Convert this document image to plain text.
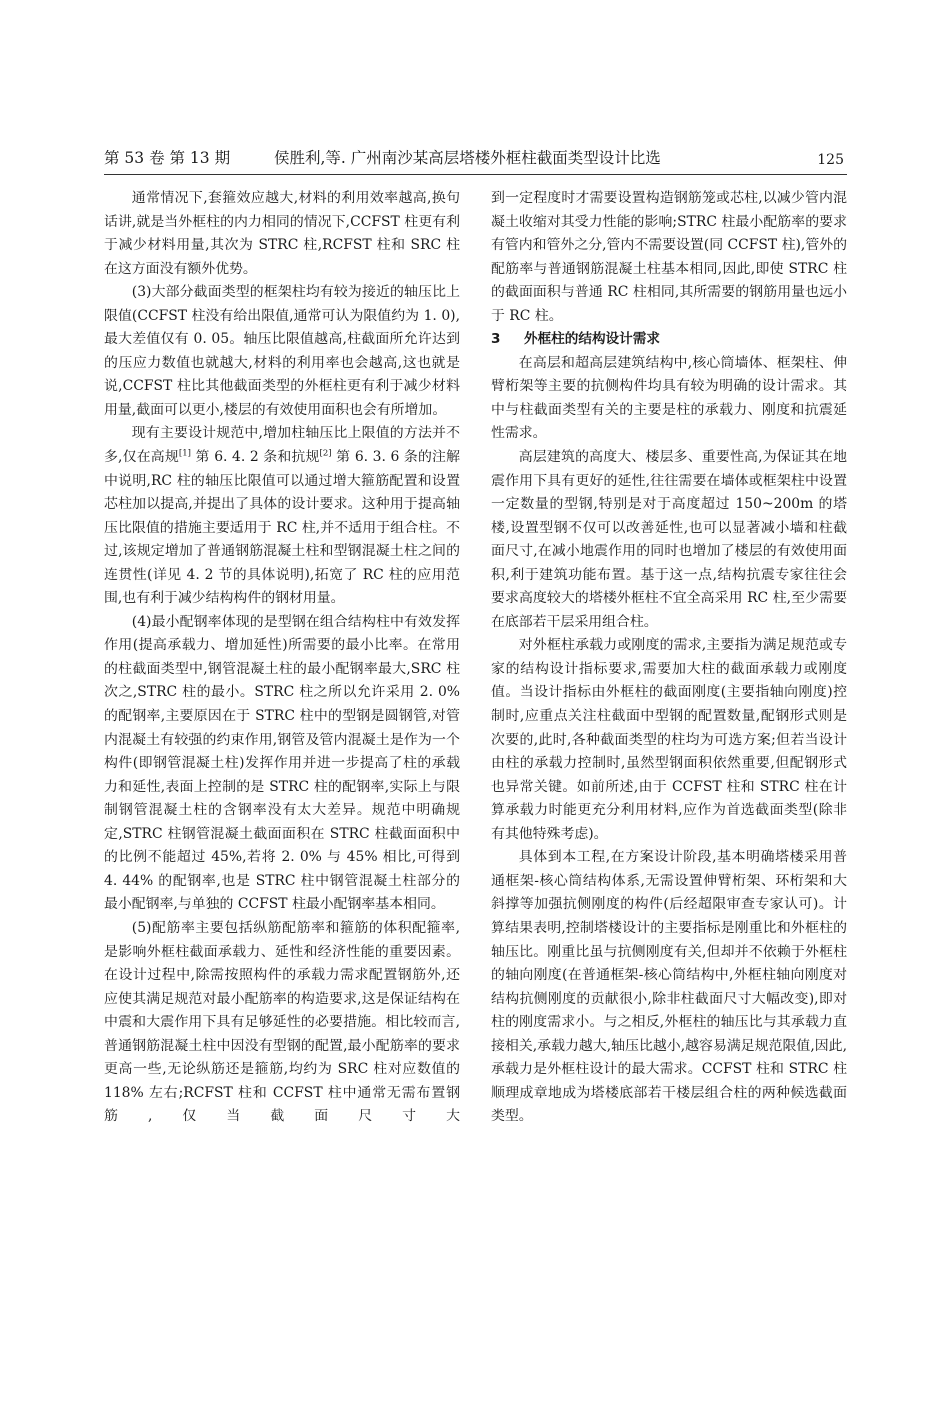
第 53 卷 第 13 期	侯胜利,等. 广州南沙某高层塔楼外框柱截面类型设计比选	125

通常情况下,套箍效应越大,材料的利用效率越高,换句话讲,就是当外框柱的内力相同的情况下,CCFST 柱更有利于减少材料用量,其次为 STRC 柱,RCFST 柱和 SRC 柱在这方面没有额外优势。

(3)大部分截面类型的框架柱均有较为接近的轴压比上限值(CCFST 柱没有给出限值,通常可认为限值约为 1. 0),最大差值仅有 0. 05。轴压比限值越高,柱截面所允许达到的压应力数值也就越大,材料的利用率也会越高,这也就是说,CCFST 柱比其他截面类型的外框柱更有利于减少材料用量,截面可以更小,楼层的有效使用面积也会有所增加。

现有主要设计规范中,增加柱轴压比上限值的方法并不多,仅在高规[1] 第 6. 4. 2 条和抗规[2] 第 6. 3. 6 条的注解中说明,RC 柱的轴压比限值可以通过增大箍筋配置和设置芯柱加以提高,并提出了具体的设计要求。这种用于提高轴压比限值的措施主要适用于 RC 柱,并不适用于组合柱。不过,该规定增加了普通钢筋混凝土柱和型钢混凝土柱之间的连贯性(详见 4. 2 节的具体说明),拓宽了 RC 柱的应用范围,也有利于减少结构构件的钢材用量。

(4)最小配钢率体现的是型钢在组合结构柱中有效发挥作用(提高承载力、增加延性)所需要的最小比率。在常用的柱截面类型中,钢管混凝土柱的最小配钢率最大,SRC 柱次之,STRC 柱的最小。STRC 柱之所以允许采用 2. 0% 的配钢率,主要原因在于 STRC 柱中的型钢是圆钢管,对管内混凝土有较强的约束作用,钢管及管内混凝土是作为一个构件(即钢管混凝土柱)发挥作用并进一步提高了柱的承载力和延性,表面上控制的是 STRC 柱的配钢率,实际上与限制钢管混凝土柱的含钢率没有太大差异。规范中明确规定,STRC 柱钢管混凝土截面面积在 STRC 柱截面面积中的比例不能超过 45%,若将 2. 0% 与 45% 相比,可得到 4. 44% 的配钢率,也是 STRC 柱中钢管混凝土柱部分的最小配钢率,与单独的 CCFST 柱最小配钢率基本相同。

(5)配筋率主要包括纵筋配筋率和箍筋的体积配箍率,是影响外框柱截面承载力、延性和经济性能的重要因素。在设计过程中,除需按照构件的承载力需求配置钢筋外,还应使其满足规范对最小配筋率的构造要求,这是保证结构在中震和大震作用下具有足够延性的必要措施。相比较而言,普通钢筋混凝土柱中因没有型钢的配置,最小配筋率的要求更高一些,无论纵筋还是箍筋,均约为 SRC 柱对应数值的 118% 左右;RCFST 柱和 CCFST 柱中通常无需布置钢筋,仅当截面尺寸大

到一定程度时才需要设置构造钢筋笼或芯柱,以减少管内混凝土收缩对其受力性能的影响;STRC 柱最小配筋率的要求有管内和管外之分,管内不需要设置(同 CCFST 柱),管外的配筋率与普通钢筋混凝土柱基本相同,因此,即使 STRC 柱的截面面积与普通 RC 柱相同,其所需要的钢筋用量也远小于 RC 柱。

3 外框柱的结构设计需求

在高层和超高层建筑结构中,核心筒墙体、框架柱、伸臂桁架等主要的抗侧构件均具有较为明确的设计需求。其中与柱截面类型有关的主要是柱的承载力、刚度和抗震延性需求。

高层建筑的高度大、楼层多、重要性高,为保证其在地震作用下具有更好的延性,往往需要在墙体或框架柱中设置一定数量的型钢,特别是对于高度超过 150~200m 的塔楼,设置型钢不仅可以改善延性,也可以显著减小墙和柱截面尺寸,在减小地震作用的同时也增加了楼层的有效使用面积,利于建筑功能布置。基于这一点,结构抗震专家往往会要求高度较大的塔楼外框柱不宜全高采用 RC 柱,至少需要在底部若干层采用组合柱。

对外框柱承载力或刚度的需求,主要指为满足规范或专家的结构设计指标要求,需要加大柱的截面承载力或刚度值。当设计指标由外框柱的截面刚度(主要指轴向刚度)控制时,应重点关注柱截面中型钢的配置数量,配钢形式则是次要的,此时,各种截面类型的柱均为可选方案;但若当设计由柱的承载力控制时,虽然型钢面积依然重要,但配钢形式也异常关键。如前所述,由于 CCFST 柱和 STRC 柱在计算承载力时能更充分利用材料,应作为首选截面类型(除非有其他特殊考虑)。

具体到本工程,在方案设计阶段,基本明确塔楼采用普通框架-核心筒结构体系,无需设置伸臂桁架、环桁架和大斜撑等加强抗侧刚度的构件(后经超限审查专家认可)。计算结果表明,控制塔楼设计的主要指标是刚重比和外框柱的轴压比。刚重比虽与抗侧刚度有关,但却并不依赖于外框柱的轴向刚度(在普通框架-核心筒结构中,外框柱轴向刚度对结构抗侧刚度的贡献很小,除非柱截面尺寸大幅改变),即对柱的刚度需求小。与之相反,外框柱的轴压比与其承载力直接相关,承载力越大,轴压比越小,越容易满足规范限值,因此,承载力是外框柱设计的最大需求。CCFST 柱和 STRC 柱顺理成章地成为塔楼底部若干楼层组合柱的两种候选截面类型。
